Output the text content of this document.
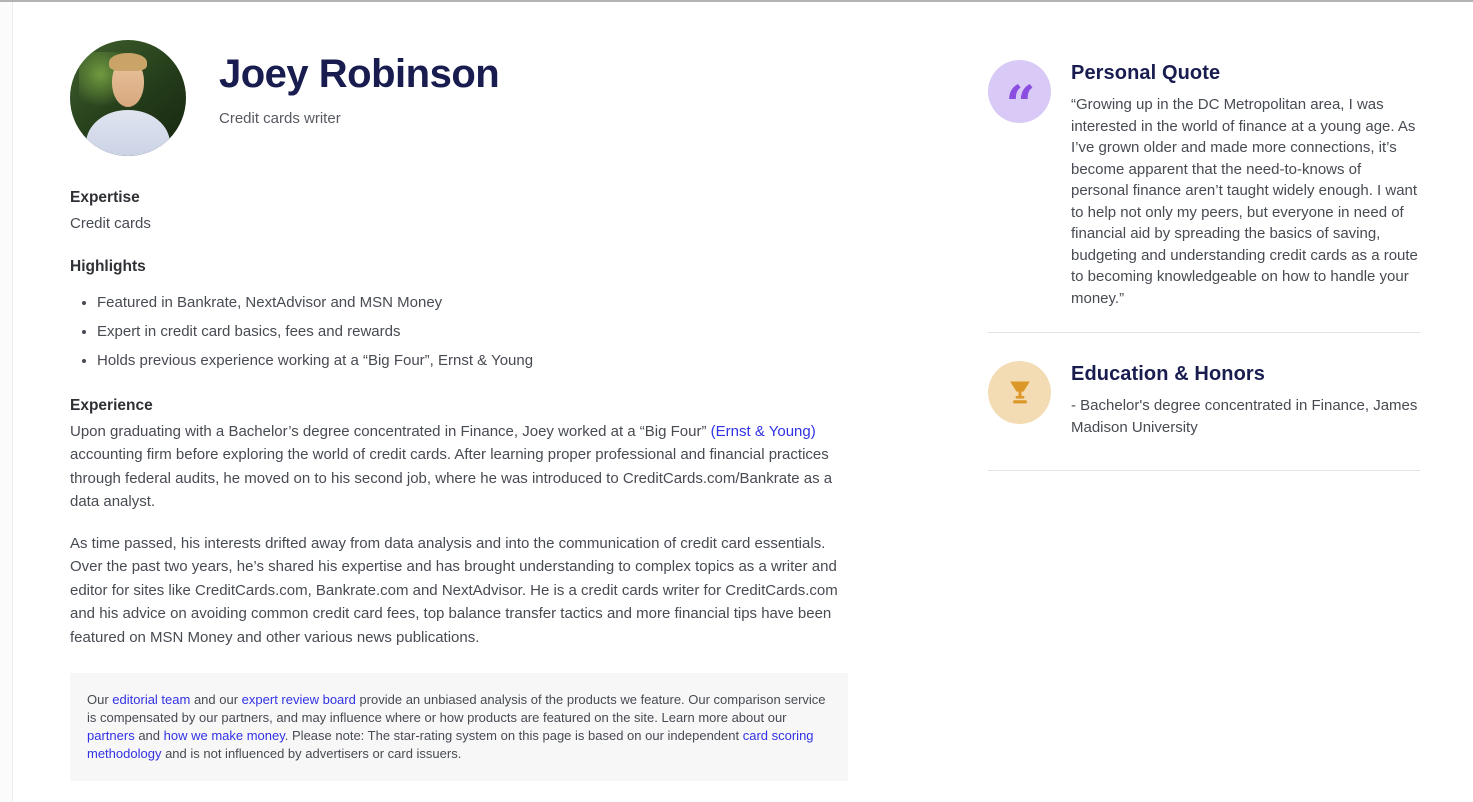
Joey Robinson
Credit cards writer
Expertise
Credit cards
Highlights
• Featured in Bankrate, NextAdvisor and MSN Money
• Expert in credit card basics, fees and rewards
• Holds previous experience working at a “Big Four”, Ernst & Young
Experience

Upon graduating with a Bachelor’s degree concentrated in Finance, Joey worked at a “Big Four” (Ernst & Young) accounting firm before exploring the world of credit cards. After learning proper professional and financial practices through federal audits, he moved on to his second job, where he was introduced to CreditCards.com/Bankrate as a data analyst.

As time passed, his interests drifted away from data analysis and into the communication of credit card essentials. Over the past two years, he’s shared his expertise and has brought understanding to complex topics as a writer and editor for sites like CreditCards.com, Bankrate.com and NextAdvisor. He is a credit cards writer for CreditCards.com and his advice on avoiding common credit card fees, top balance transfer tactics and more financial tips have been featured on MSN Money and other various news publications.

Our editorial team and our expert review board provide an unbiased analysis of the products we feature. Our comparison service is compensated by our partners, and may influence where or how products are featured on the site. Learn more about our partners and how we make money. Please note: The star-rating system on this page is based on our independent card scoring methodology and is not influenced by advertisers or card issuers.
“
Personal Quote
“Growing up in the DC Metropolitan area, I was interested in the world of finance at a young age. As I’ve grown older and made more connections, it’s become apparent that the need-to-knows of personal finance aren’t taught widely enough. I want to help not only my peers, but everyone in need of financial aid by spreading the basics of saving, budgeting and understanding credit cards as a route to becoming knowledgeable on how to handle your money.”
Education & Honors
- Bachelor's degree concentrated in Finance, James Madison University
